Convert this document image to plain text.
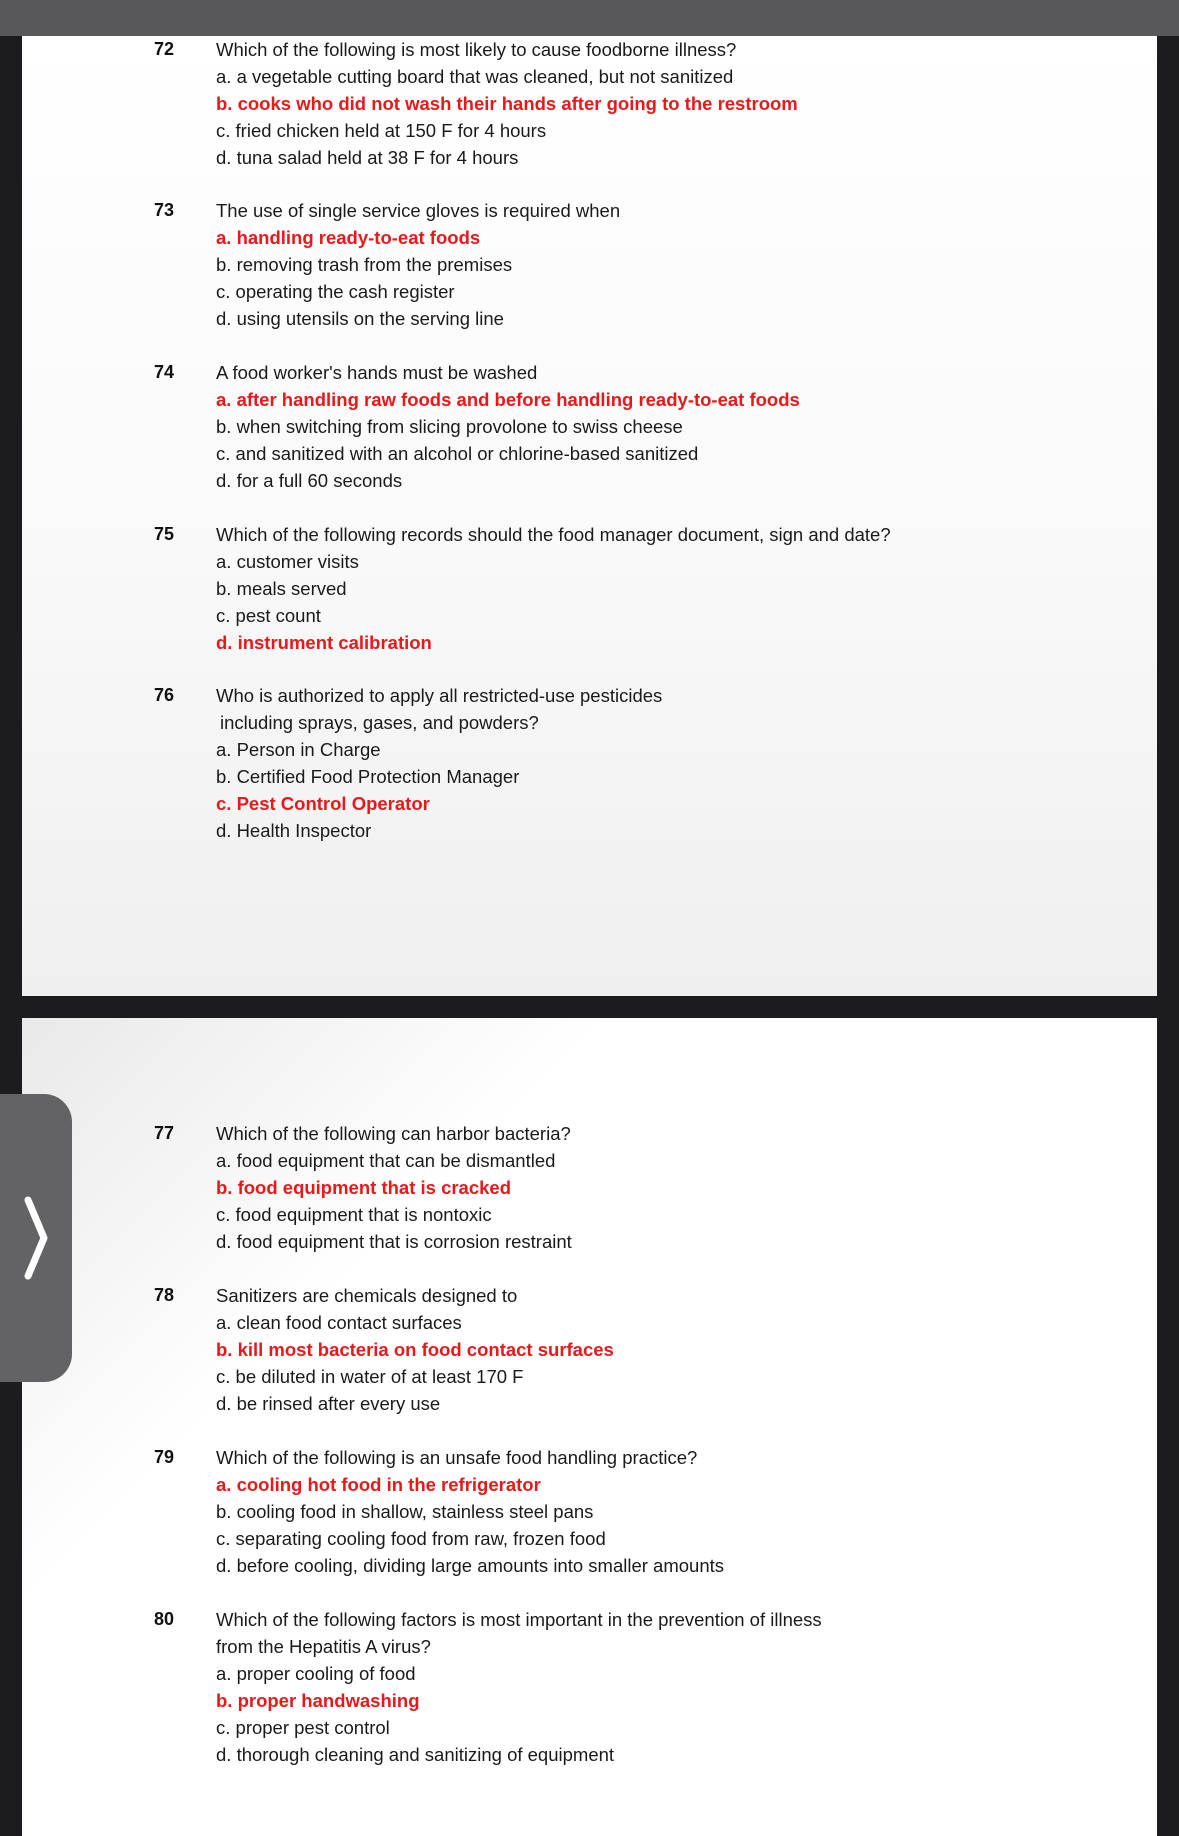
72	Which of the following is most likely to cause foodborne illness?
a. a vegetable cutting board that was cleaned, but not sanitized
b. cooks who did not wash their hands after going to the restroom
c. fried chicken held at 150 F for 4 hours
d. tuna salad held at 38 F for 4 hours
73	The use of single service gloves is required when
a. handling ready-to-eat foods
b. removing trash from the premises
c. operating the cash register
d. using utensils on the serving line
74	A food worker's hands must be washed
a. after handling raw foods and before handling ready-to-eat foods
b. when switching from slicing provolone to swiss cheese
c. and sanitized with an alcohol or chlorine-based sanitized
d. for a full 60 seconds
75	Which of the following records should the food manager document, sign and date?
a. customer visits
b. meals served
c. pest count
d. instrument calibration
76	Who is authorized to apply all restricted-use pesticides
including sprays, gases, and powders?
a. Person in Charge
b. Certified Food Protection Manager
c. Pest Control Operator
d. Health Inspector
77	Which of the following can harbor bacteria?
a. food equipment that can be dismantled
b. food equipment that is cracked
c. food equipment that is nontoxic
d. food equipment that is corrosion restraint
78	Sanitizers are chemicals designed to
a. clean food contact surfaces
b. kill most bacteria on food contact surfaces
c. be diluted in water of at least 170 F
d. be rinsed after every use
79	Which of the following is an unsafe food handling practice?
a. cooling hot food in the refrigerator
b. cooling food in shallow, stainless steel pans
c. separating cooling food from raw, frozen food
d. before cooling, dividing large amounts into smaller amounts
80	Which of the following factors is most important in the prevention of illness
from the Hepatitis A virus?
a. proper cooling of food
b. proper handwashing
c. proper pest control
d. thorough cleaning and sanitizing of equipment
